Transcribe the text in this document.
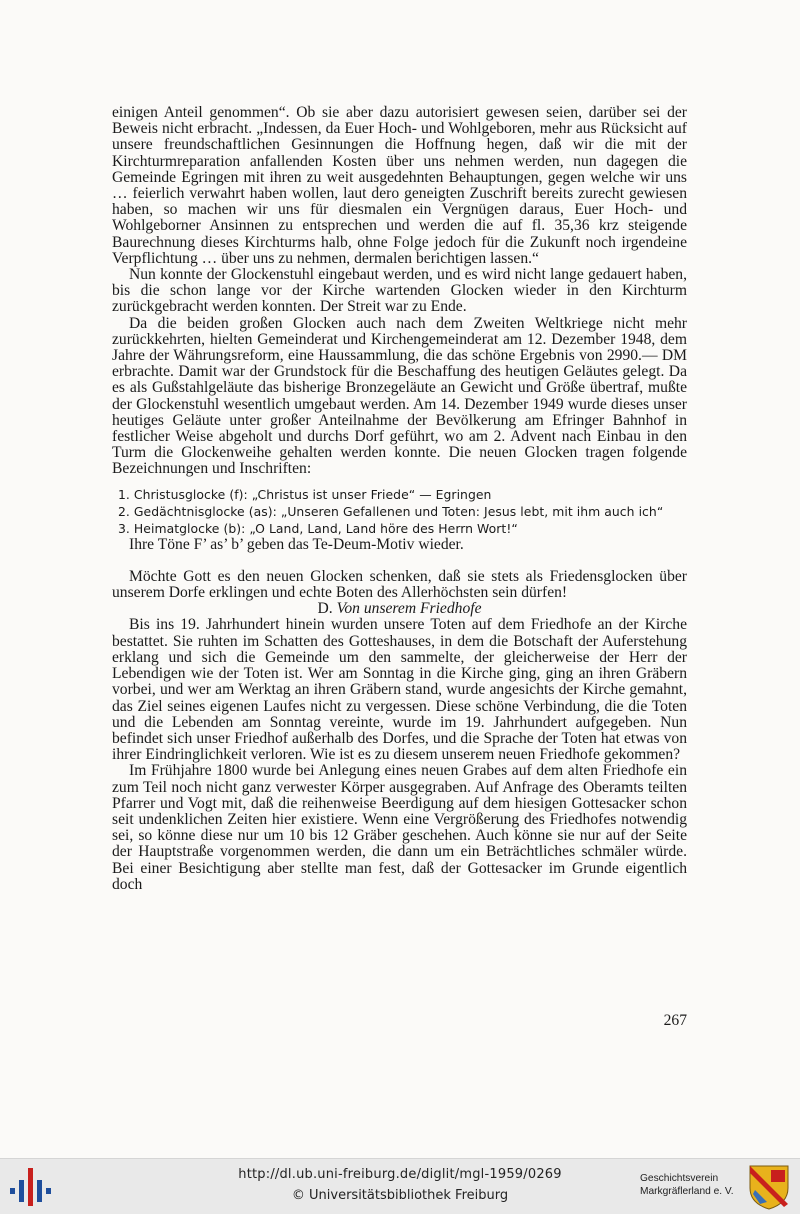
einigen Anteil genommen“. Ob sie aber dazu autorisiert gewesen seien, darüber sei der Beweis nicht erbracht. „Indessen, da Euer Hoch- und Wohlgeboren, mehr aus Rücksicht auf unsere freundschaftlichen Gesinnungen die Hoffnung hegen, daß wir die mit der Kirchturmreparation anfallenden Kosten über uns nehmen werden, nun dagegen die Gemeinde Egringen mit ihren zu weit ausgedehnten Behauptungen, gegen welche wir uns … feierlich verwahrt haben wollen, laut dero geneigten Zuschrift bereits zurecht gewiesen haben, so machen wir uns für diesmalen ein Vergnügen daraus, Euer Hoch- und Wohlgeborner Ansinnen zu entsprechen und werden die auf fl. 35,36 krz steigende Baurechnung dieses Kirchturms halb, ohne Folge jedoch für die Zukunft noch irgendeine Verpflichtung … über uns zu nehmen, dermalen berichtigen lassen.“

Nun konnte der Glockenstuhl eingebaut werden, und es wird nicht lange gedauert haben, bis die schon lange vor der Kirche wartenden Glocken wieder in den Kirchturm zurückgebracht werden konnten. Der Streit war zu Ende.

Da die beiden großen Glocken auch nach dem Zweiten Weltkriege nicht mehr zurückkehrten, hielten Gemeinderat und Kirchengemeinderat am 12. Dezember 1948, dem Jahre der Währungsreform, eine Haussammlung, die das schöne Ergebnis von 2990.— DM erbrachte. Damit war der Grundstock für die Beschaffung des heutigen Geläutes gelegt. Da es als Gußstahlgeläute das bisherige Bronzegeläute an Gewicht und Größe übertraf, mußte der Glockenstuhl wesentlich umgebaut werden. Am 14. Dezember 1949 wurde dieses unser heutiges Geläute unter großer Anteilnahme der Bevölkerung am Efringer Bahnhof in festlicher Weise abgeholt und durchs Dorf geführt, wo am 2. Advent nach Einbau in den Turm die Glockenweihe gehalten werden konnte. Die neuen Glocken tragen folgende Bezeichnungen und Inschriften:

1. Christusglocke (f): „Christus ist unser Friede“ — Egringen
2. Gedächtnisglocke (as): „Unseren Gefallenen und Toten: Jesus lebt, mit ihm auch ich“
3. Heimatglocke (b): „O Land, Land, Land höre des Herrn Wort!“

Ihre Töne F’ as’ b’ geben das Te-Deum-Motiv wieder.

Möchte Gott es den neuen Glocken schenken, daß sie stets als Friedensglocken über unserem Dorfe erklingen und echte Boten des Allerhöchsten sein dürfen!

D. Von unserem Friedhofe

Bis ins 19. Jahrhundert hinein wurden unsere Toten auf dem Friedhofe an der Kirche bestattet. Sie ruhten im Schatten des Gotteshauses, in dem die Botschaft der Auferstehung erklang und sich die Gemeinde um den sammelte, der gleicherweise der Herr der Lebendigen wie der Toten ist. Wer am Sonntag in die Kirche ging, ging an ihren Gräbern vorbei, und wer am Werktag an ihren Gräbern stand, wurde angesichts der Kirche gemahnt, das Ziel seines eigenen Laufes nicht zu vergessen. Diese schöne Verbindung, die die Toten und die Lebenden am Sonntag vereinte, wurde im 19. Jahrhundert aufgegeben. Nun befindet sich unser Friedhof außerhalb des Dorfes, und die Sprache der Toten hat etwas von ihrer Eindringlichkeit verloren. Wie ist es zu diesem unserem neuen Friedhofe gekommen?

Im Frühjahre 1800 wurde bei Anlegung eines neuen Grabes auf dem alten Friedhofe ein zum Teil noch nicht ganz verwester Körper ausgegraben. Auf Anfrage des Oberamts teilten Pfarrer und Vogt mit, daß die reihenweise Beerdigung auf dem hiesigen Gottesacker schon seit undenklichen Zeiten hier existiere. Wenn eine Vergrößerung des Friedhofes notwendig sei, so könne diese nur um 10 bis 12 Gräber geschehen. Auch könne sie nur auf der Seite der Hauptstraße vorgenommen werden, die dann um ein Beträchtliches schmäler würde. Bei einer Besichtigung aber stellte man fest, daß der Gottesacker im Grunde eigentlich doch

267
http://dl.ub.uni-freiburg.de/diglit/mgl-1959/0269
© Universitätsbibliothek Freiburg
Geschichtsverein
Markgräflerland e. V.
